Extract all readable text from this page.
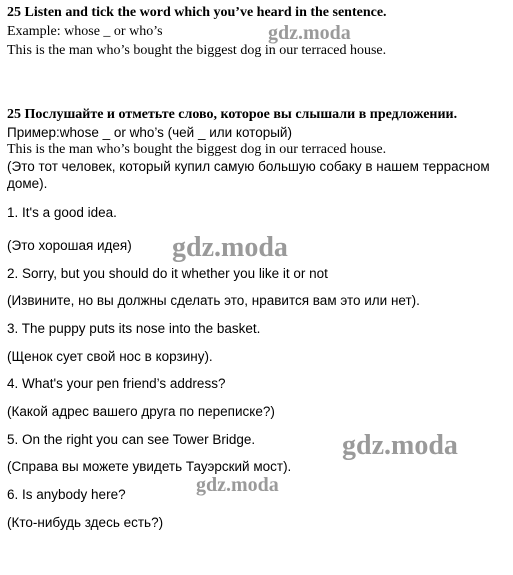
25 Listen and tick the word which you’ve heard in the sentence.
Example: whose _ or who’s
This is the man who’s bought the biggest dog in our terraced house.
25 Послушайте и отметьте слово, которое вы слышали в предложении.
Пример:whose _ or who’s (чей _ или который)
This is the man who’s bought the biggest dog in our terraced house.
(Это тот человек, который купил самую большую собаку в нашем террасном
доме).
1. It's a good idea.
(Это хорошая идея)
2. Sorry, but you should do it whether you like it or not
(Извините, но вы должны сделать это, нравится вам это или нет).
3. The puppy puts its nose into the basket.
(Щенок сует свой нос в корзину).
4. What's your pen friend’s address?
(Какой адрес вашего друга по переписке?)
5. On the right you can see Tower Bridge.
(Справа вы можете увидеть Тауэрский мост).
6. Is anybody here?
(Кто-нибудь здесь есть?)
gdz.moda
gdz.moda
gdz.moda
gdz.moda
